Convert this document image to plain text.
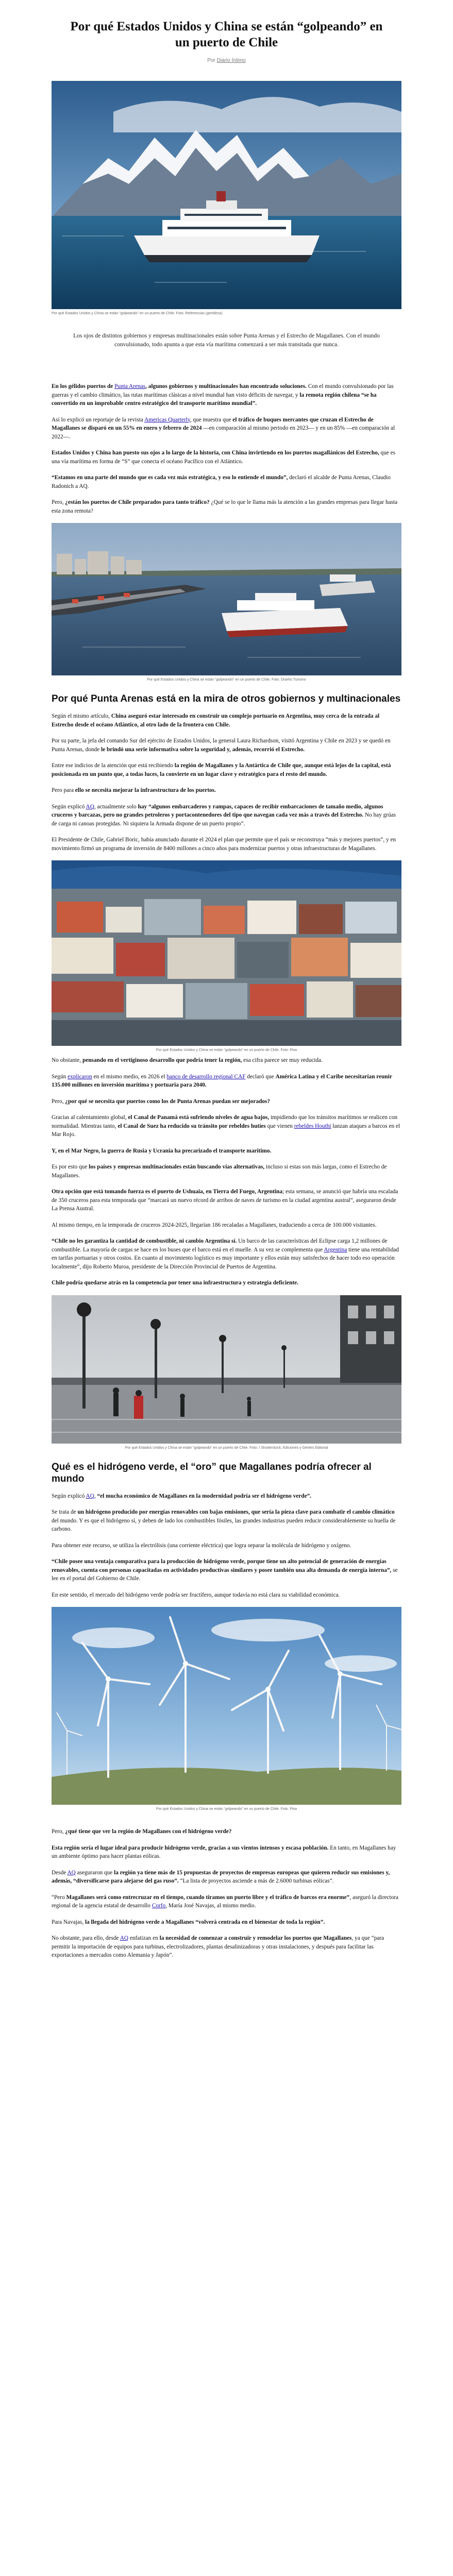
Por qué Estados Unidos y China se están “golpeando” en un puerto de Chile
Por Diario Íntimo
Por qué Estados Unidos y China se están “golpeando” en un puerto de Chile. Foto: Referencias (gentileza)

Los ojos de distintos gobiernos y empresas multinacionales están sobre Punta Arenas y el Estrecho de Magallanes. Con el mundo convulsionado, todo apunta a que esta vía marítima comenzará a ser más transitada que nunca.

En los gélidos puertos de Punta Arenas, algunos gobiernos y multinacionales han encontrado soluciones. Con el mundo convulsionado por las guerras y el cambio climático, las rutas marítimas clásicas a nivel mundial han visto déficits de navegar, y la remota región chilena “se ha convertido en un improbable centro estratégico del transporte marítimo mundial”.

Así lo explicó un reportaje de la revista Americas Quarterly, que muestra que el tráfico de buques mercantes que cruzan el Estrecho de Magallanes se disparó en un 55% en enero y febrero de 2024 —en comparación al mismo periodo en 2023— y en un 85% —en comparación al 2022—.

Estados Unidos y China han puesto sus ojos a lo largo de la historia, con China invirtiendo en los puertos magallánicos del Estrecho, que es una vía marítima en forma de “S” que conecta el océano Pacífico con el Atlántico.

“Estamos en una parte del mundo que es cada vez más estratégica, y eso lo entiende el mundo”, declaró el alcalde de Punta Arenas, Claudio Radonich a AQ.

Pero, ¿están los puertos de Chile preparados para tanto tráfico? ¿Qué se lo que le llama más la atención a las grandes empresas para llegar hasta esta zona remota?

Por qué Estados Unidos y China se están “golpeando” en un puerto de Chile. Foto: Diseño Turismo
Por qué Punta Arenas está en la mira de otros gobiernos y multinacionales

Según el mismo artículo, China aseguró estar interesado en construir un complejo portuario en Argentina, muy cerca de la entrada al Estrecho desde el océano Atlántico, al otro lado de la frontera con Chile.

Por su parte, la jefa del comando Sur del ejército de Estados Unidos, la general Laura Richardson, visitó Argentina y Chile en 2023 y se quedó en Punta Arenas, donde le brindó una serie informativa sobre la seguridad y, además, recorrió el Estrecho.

Entre ese indicios de la atención que está recibiendo la región de Magallanes y la Antártica de Chile que, aunque está lejos de la capital, está posicionada en un punto que, a todas luces, la convierte en un lugar clave y estratégico para el resto del mundo.

Pero para ello se necesita mejorar la infraestructura de los puertos.

Según explicó AQ, actualmente solo hay “algunos embarcaderos y rampas, capaces de recibir embarcaciones de tamaño medio, algunos cruceros y barcazas, pero no grandes petroleros y portacontenedores del tipo que navegan cada vez más a través del Estrecho. No hay grúas de carga ni canoas protegidas. Ni siquiera la Armada dispone de un puerto propio”.

El Presidente de Chile, Gabriel Boric, había anunciado durante el 2024 el plan que permite que el país se reconstruya “más y mejores puertos”, y en movimiento firmó un programa de inversión de 8400 millones a cinco años para modernizar puertos y otras infraestructuras de Magallanes.

Por qué Estados Unidos y China se están “golpeando” en un puerto de Chile. Foto: Pixa

No obstante, pensando en el vertiginoso desarrollo que podría tener la región, esa cifra parece ser muy reducida.

Según explicaron en el mismo medio, en 2026 el banco de desarrollo regional CAF declaró que América Latina y el Caribe necesitarían reunir 135.000 millones en inversión marítima y portuaria para 2040.

Pero, ¿por qué se necesita que puertos como los de Punta Arenas puedan ser mejorados?

Gracias al calentamiento global, el Canal de Panamá está sufriendo niveles de agua bajos, impidiendo que los tránsitos marítimos se realicen con normalidad. Mientras tanto, el Canal de Suez ha reducido su tránsito por rebeldes hutíes que vienen rebeldes Houthi lanzan ataques a barcos en el Mar Rojo.

Y, en el Mar Negro, la guerra de Rusia y Ucrania ha precarizado el transporte marítimo.

Es por esto que los países y empresas multinacionales están buscando vías alternativas, incluso si estas son más largas, como el Estrecho de Magallanes.

Otra opción que está tomando fuerza es el puerto de Ushuaia, en Tierra del Fuego, Argentina; esta semana, se anunció que habría una escalada de 350 cruceros para esta temporada que “marcará un nuevo récord de arribos de naves de turismo en la ciudad argentina austral”, aseguraron desde La Prensa Austral.

Al mismo tiempo, en la temporada de cruceros 2024-2025, llegarían 186 recaladas a Magallanes, traduciendo a cerca de 100.000 visitantes.

“Chile no les garantiza la cantidad de combustible, ni cambio Argentina sí. Un barco de las características del Eclipse carga 1,2 millones de combustible. La mayoría de cargas se hace en los buses que el barco está en el muelle. A su vez se complementa que Argentina tiene una rentabilidad en tarifas portuarias y otros costos. En cuanto al movimiento logístico es muy importante y ellos están muy satisfechos de hacer todo eso operación localmente”, dijo Roberto Muroa, presidente de la Dirección Provincial de Puertos de Argentina.

Chile podría quedarse atrás en la competencia por tener una infraestructura y estrategia deficiente.

Por qué Estados Unidos y China se están “golpeando” en un puerto de Chile. Foto: / Shutterstock, Ediciones y Gentes Editorial
Qué es el hidrógeno verde, el “oro” que Magallanes podría ofrecer al mundo

Según explicó AQ, “el mucha económico de Magallanes en la modernidad podría ser el hidrógeno verde”.

Se trata de un hidrógeno producido por energías renovables con bajas emisiones, que sería la pieza clave para combatir el cambio climático del mundo. Y es que el hidrógeno sí, y deben de lado los combustibles fósiles, las grandes industrias pueden reducir considerablemente su huella de carbono.

Para obtener este recurso, se utiliza la electrólisis (una corriente eléctrica) que logra separar la molécula de hidrógeno y oxígeno.

“Chile posee una ventaja comparativa para la producción de hidrógeno verde, porque tiene un alto potencial de generación de energías renovables, cuenta con personas capacitadas en actividades productivas similares y posee también una alta demanda de energía interna”, se lee en el portal del Gobierno de Chile.

En este sentido, el mercado del hidrógeno verde podría ser fructífero, aunque todavía no está clara su viabilidad económica.

Por qué Estados Unidos y China se están “golpeando” en un puerto de Chile. Foto: Pixa

Pero, ¿qué tiene que ver la región de Magallanes con el hidrógeno verde?

Esta región sería el lugar ideal para producir hidrógeno verde, gracias a sus vientos intensos y escasa población. En tanto, en Magallanes hay un ambiente óptimo para hacer plantas eólicas.

Desde AQ aseguraron que la región ya tiene más de 15 propuestas de proyectos de empresas europeas que quieren reducir sus emisiones y, además, “diversificarse para alejarse del gas ruso”. “La lista de proyectos asciende a más de 2.6000 turbinas eólicas”.

“Pero Magallanes será como entrecruzar en el tiempo, cuando tiramos un puerto libre y el tráfico de barcos era enorme”, aseguró la directora regional de la agencia estatal de desarrollo Corfo, María José Navajas, al mismo medio.

Para Navajas, la llegada del hidrógeno verde a Magallanes “volverá centrada en el bienestar de toda la región”.

No obstante, para ello, desde AQ enfatizan en la necesidad de comenzar a construir y remodelar los puertos que Magallanes, ya que “para permitir la importación de equipos para turbinas, electrolizadores, plantas desalinizadoras y otras instalaciones, y después para facilitar las exportaciones a mercados como Alemania y Japón”.
